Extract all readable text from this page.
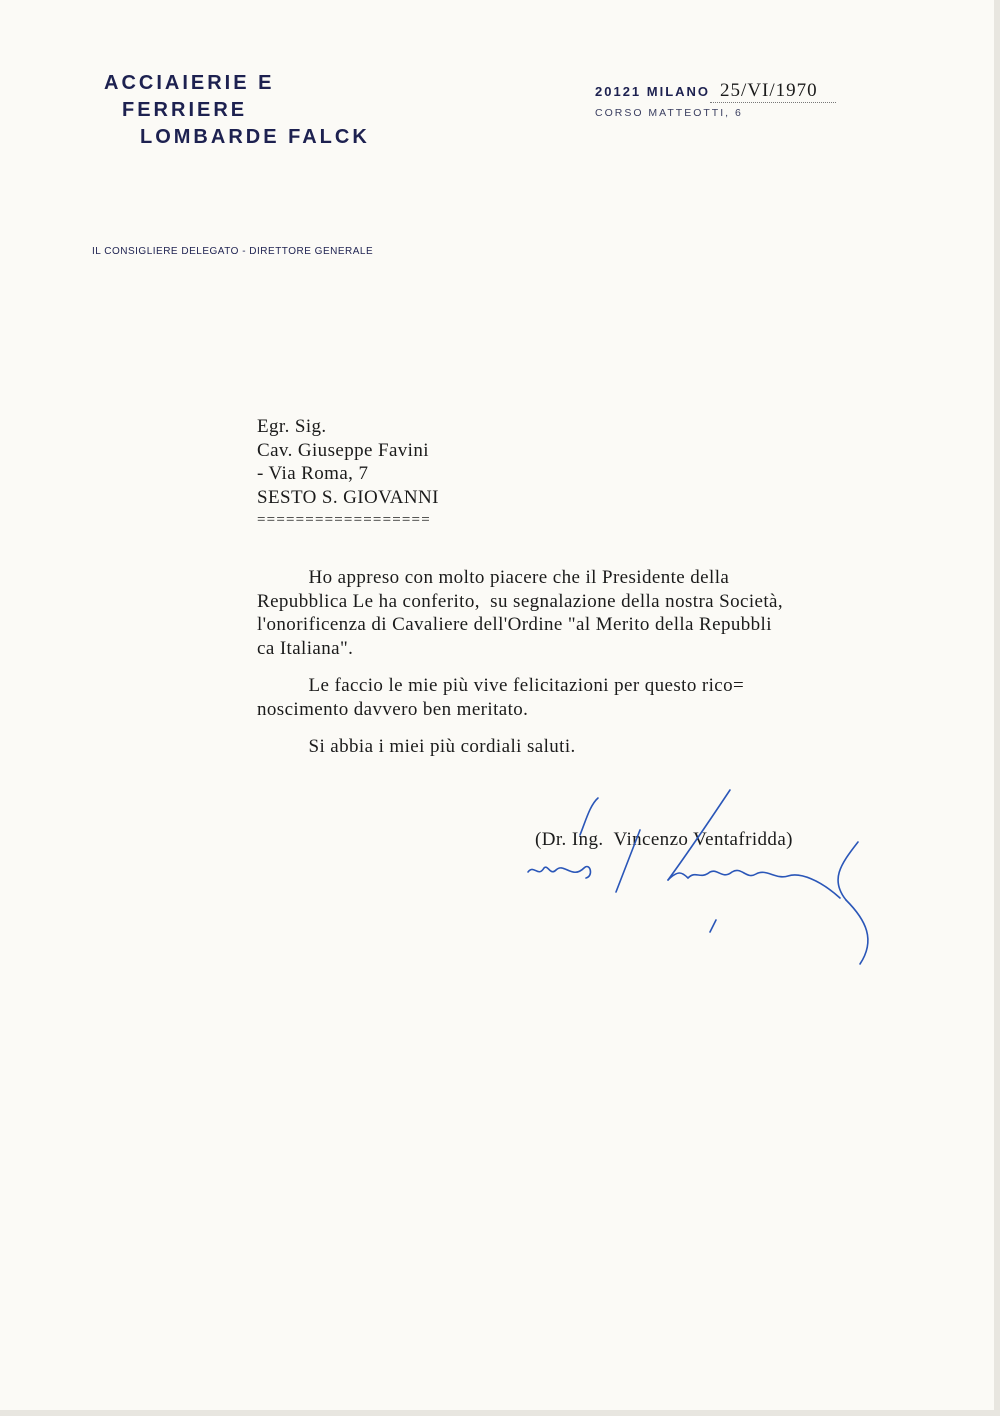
ACCIAIERIE E
FERRIERE
LOMBARDE FALCK
IL CONSIGLIERE DELEGATO - DIRETTORE GENERALE
20121 MILANO 25/VI/1970
CORSO MATTEOTTI, 6
Egr. Sig.
Cav. Giuseppe Favini
- Via Roma, 7
SESTO S. GIOVANNI
==================
Ho appreso con molto piacere che il Presidente della
Repubblica Le ha conferito,  su segnalazione della nostra Società,
l'onorificenza di Cavaliere dell'Ordine "al Merito della Repubbli
ca Italiana".
Le faccio le mie più vive felicitazioni per questo rico=
noscimento davvero ben meritato.
Si abbia i miei più cordiali saluti.
(Dr. Ing.  Vincenzo Ventafridda)
